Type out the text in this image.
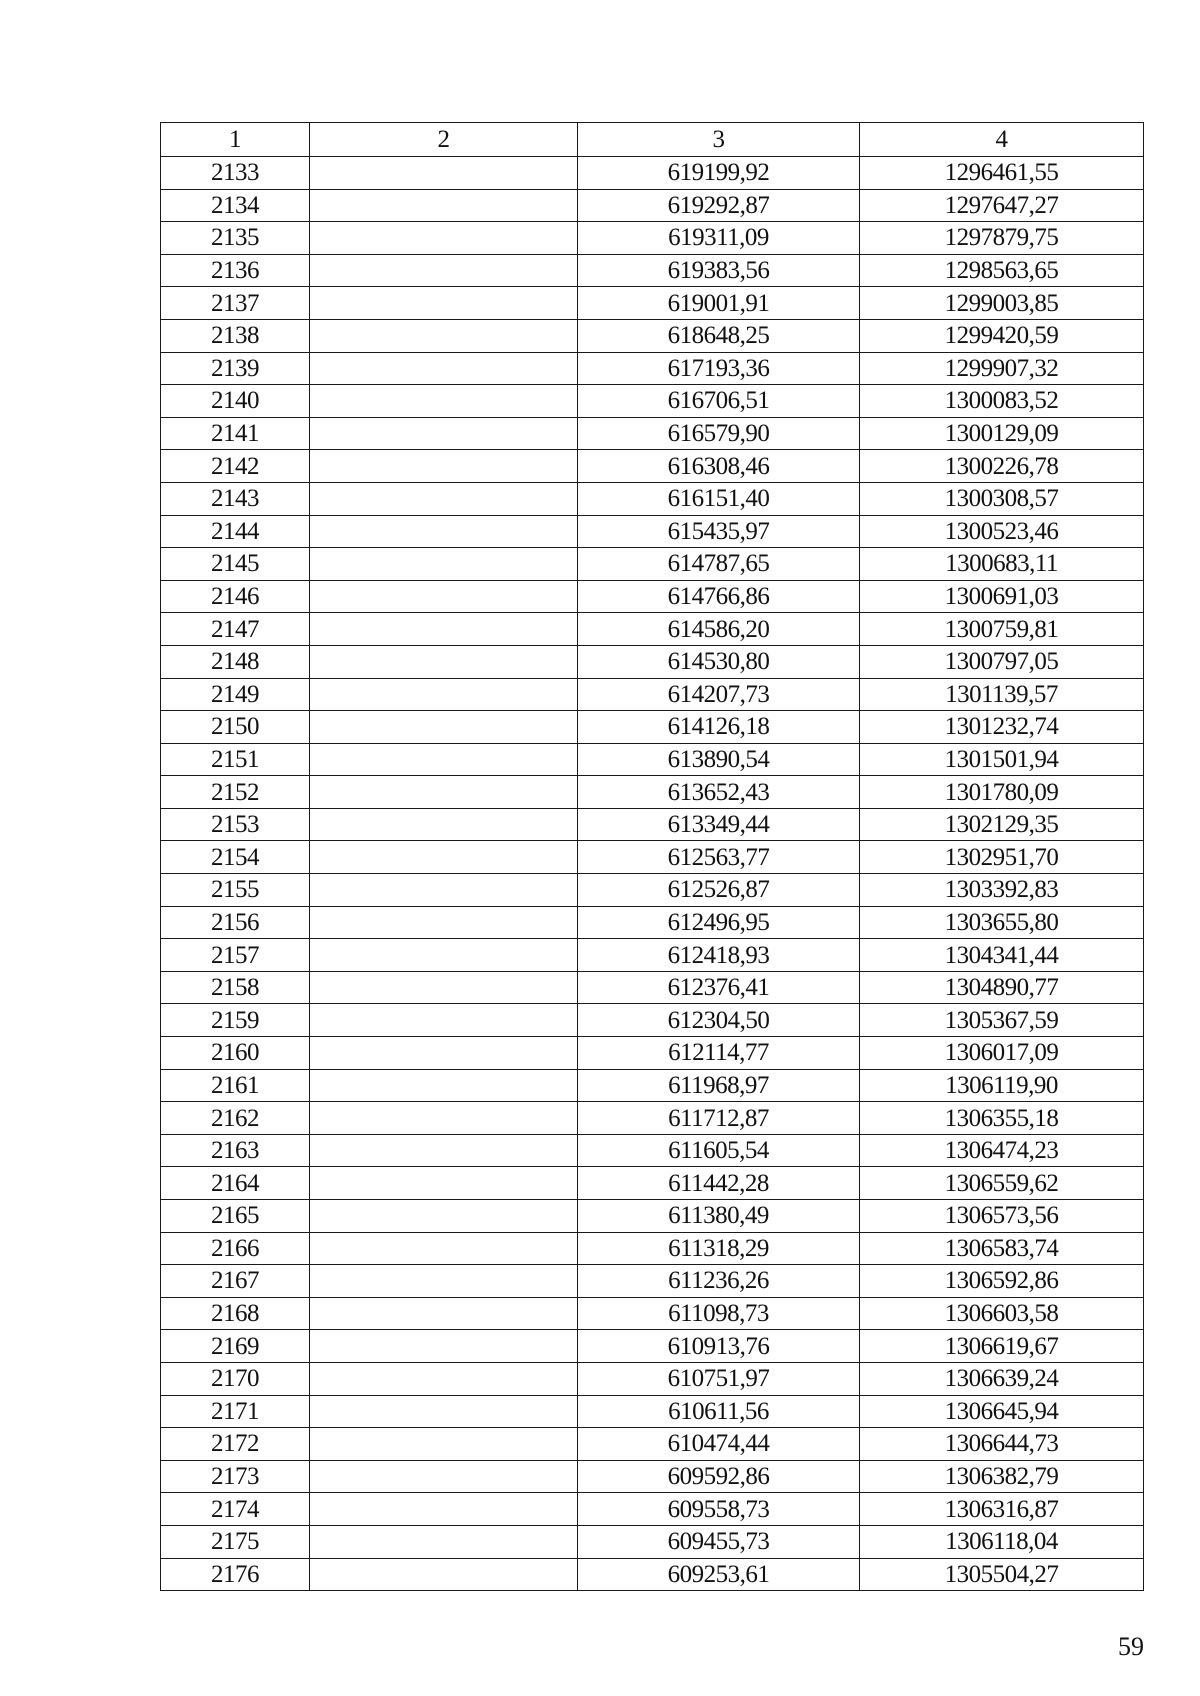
1	2	3	4
2133		619199,92	1296461,55
2134		619292,87	1297647,27
2135		619311,09	1297879,75
2136		619383,56	1298563,65
2137		619001,91	1299003,85
2138		618648,25	1299420,59
2139		617193,36	1299907,32
2140		616706,51	1300083,52
2141		616579,90	1300129,09
2142		616308,46	1300226,78
2143		616151,40	1300308,57
2144		615435,97	1300523,46
2145		614787,65	1300683,11
2146		614766,86	1300691,03
2147		614586,20	1300759,81
2148		614530,80	1300797,05
2149		614207,73	1301139,57
2150		614126,18	1301232,74
2151		613890,54	1301501,94
2152		613652,43	1301780,09
2153		613349,44	1302129,35
2154		612563,77	1302951,70
2155		612526,87	1303392,83
2156		612496,95	1303655,80
2157		612418,93	1304341,44
2158		612376,41	1304890,77
2159		612304,50	1305367,59
2160		612114,77	1306017,09
2161		611968,97	1306119,90
2162		611712,87	1306355,18
2163		611605,54	1306474,23
2164		611442,28	1306559,62
2165		611380,49	1306573,56
2166		611318,29	1306583,74
2167		611236,26	1306592,86
2168		611098,73	1306603,58
2169		610913,76	1306619,67
2170		610751,97	1306639,24
2171		610611,56	1306645,94
2172		610474,44	1306644,73
2173		609592,86	1306382,79
2174		609558,73	1306316,87
2175		609455,73	1306118,04
2176		609253,61	1305504,27
59
